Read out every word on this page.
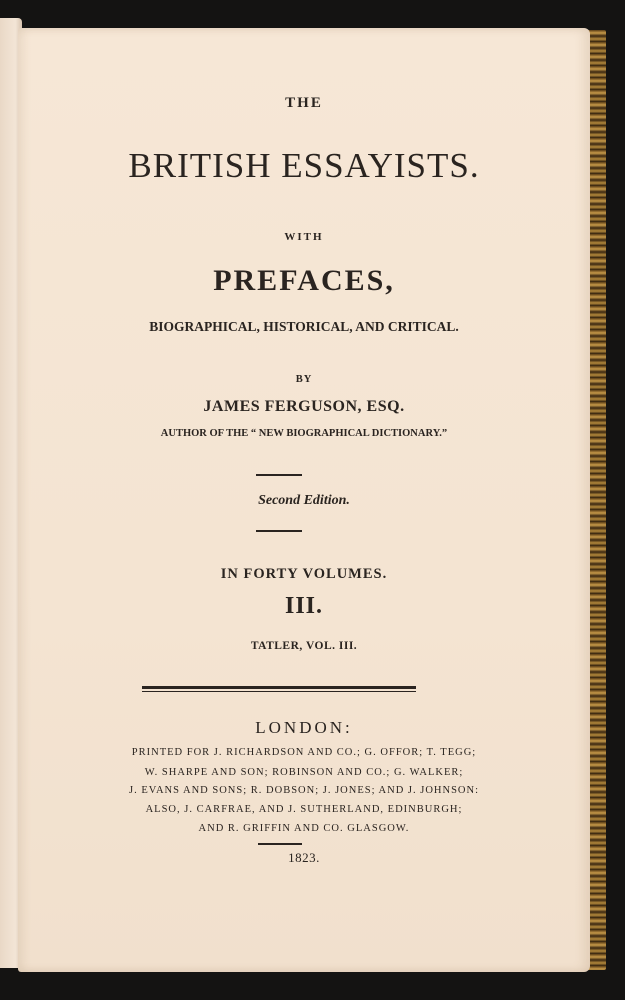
THE

BRITISH ESSAYISTS.

WITH

PREFACES,

BIOGRAPHICAL, HISTORICAL, AND CRITICAL.

BY

JAMES FERGUSON, ESQ.

AUTHOR OF THE “ NEW BIOGRAPHICAL DICTIONARY.”

Second Edition.

IN FORTY VOLUMES.

III.

TATLER, VOL. III.

LONDON:

PRINTED FOR J. RICHARDSON AND CO.; G. OFFOR; T. TEGG;

W. SHARPE AND SON; ROBINSON AND CO.; G. WALKER;

J. EVANS AND SONS; R. DOBSON; J. JONES; AND J. JOHNSON:

ALSO, J. CARFRAE, AND J. SUTHERLAND, EDINBURGH;

AND R. GRIFFIN AND CO. GLASGOW.

1823.
